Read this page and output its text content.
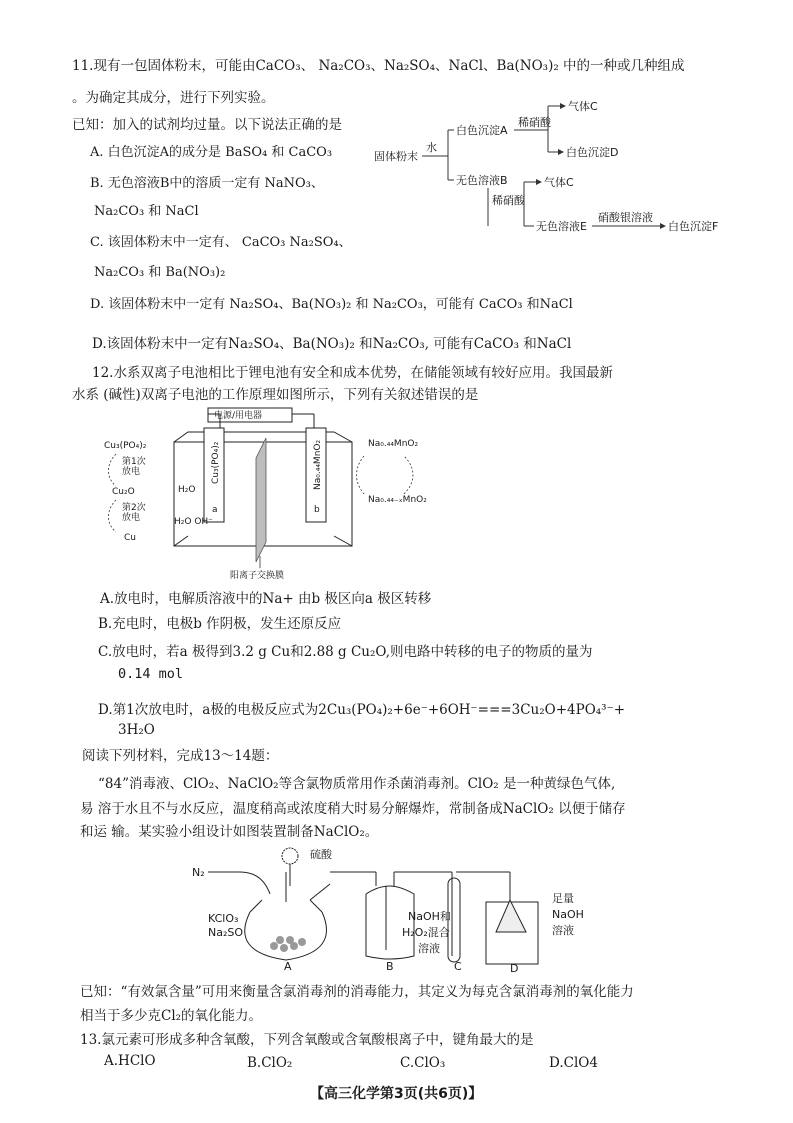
11.现有一包固体粉末，可能由CaCO₃、 Na₂CO₃、Na₂SO₄、NaCl、Ba(NO₃)₂ 中的一种或几种组成
。为确定其成分，进行下列实验。
已知：加入的试剂均过量。以下说法正确的是
A. 白色沉淀A的成分是 BaSO₄ 和 CaCO₃
B. 无色溶液B中的溶质一定有 NaNO₃、
Na₂CO₃ 和 NaCl
C. 该固体粉末中一定有、 CaCO₃ Na₂SO₄、
Na₂CO₃ 和 Ba(NO₃)₂
D. 该固体粉末中一定有 Na₂SO₄、Ba(NO₃)₂ 和 Na₂CO₃，可能有 CaCO₃ 和NaCl
D.该固体粉末中一定有Na₂SO₄、Ba(NO₃)₂ 和Na₂CO₃, 可能有CaCO₃ 和NaCl
固体粉末
水
白色沉淀A
稀硝酸
气体C
白色沉淀D
无色溶液B
稀硝酸
气体C
无色溶液E
硝酸银溶液
白色沉淀F
12.水系双离子电池相比于锂电池有安全和成本优势，在储能领域有较好应用。我国最新
水系 (碱性)双离子电池的工作原理如图所示，下列有关叙述错误的是
电源/用电器
Cu₃(PO₄)₂	Na₀.₄₄MnO₂
a	b
H₂O
H₂O OH⁻
阳离子交换膜
Cu₃(PO₄)₂
第1次
放电
Cu₂O
第2次
放电
Cu
Na₀.₄₄MnO₂
Na₀.₄₄₋ₓMnO₂
A.放电时，电解质溶液中的Na+ 由b 极区向a 极区转移
B.充电时，电极b 作阴极，发生还原反应
C.放电时，若a 极得到3.2 g Cu和2.88 g Cu₂O,则电路中转移的电子的物质的量为
0.14 mol
D.第1次放电时，a极的电极反应式为2Cu₃(PO₄)₂+6e⁻+6OH⁻===3Cu₂O+4PO₄³⁻+
3H₂O
阅读下列材料，完成13～14题：
“84”消毒液、ClO₂、NaClO₂等含氯物质常用作杀菌消毒剂。ClO₂ 是一种黄绿色气体,
易 溶于水且不与水反应，温度稍高或浓度稍大时易分解爆炸，常制备成NaClO₂ 以便于储存
和运 输。某实验小组设计如图装置制备NaClO₂。
N₂
硫酸
KClO₃
Na₂SO
NaOH和
H₂O₂混合
溶液
足量
NaOH
溶液
A	B	C	D
已知：“有效氯含量”可用来衡量含氯消毒剂的消毒能力，其定义为每克含氯消毒剂的氧化能力
相当于多少克Cl₂的氧化能力。
13.氯元素可形成多种含氧酸，下列含氧酸或含氧酸根离子中，键角最大的是
A.HClO	B.ClO₂	C.ClO₃	D.ClO4
【高三化学第3页(共6页)】
